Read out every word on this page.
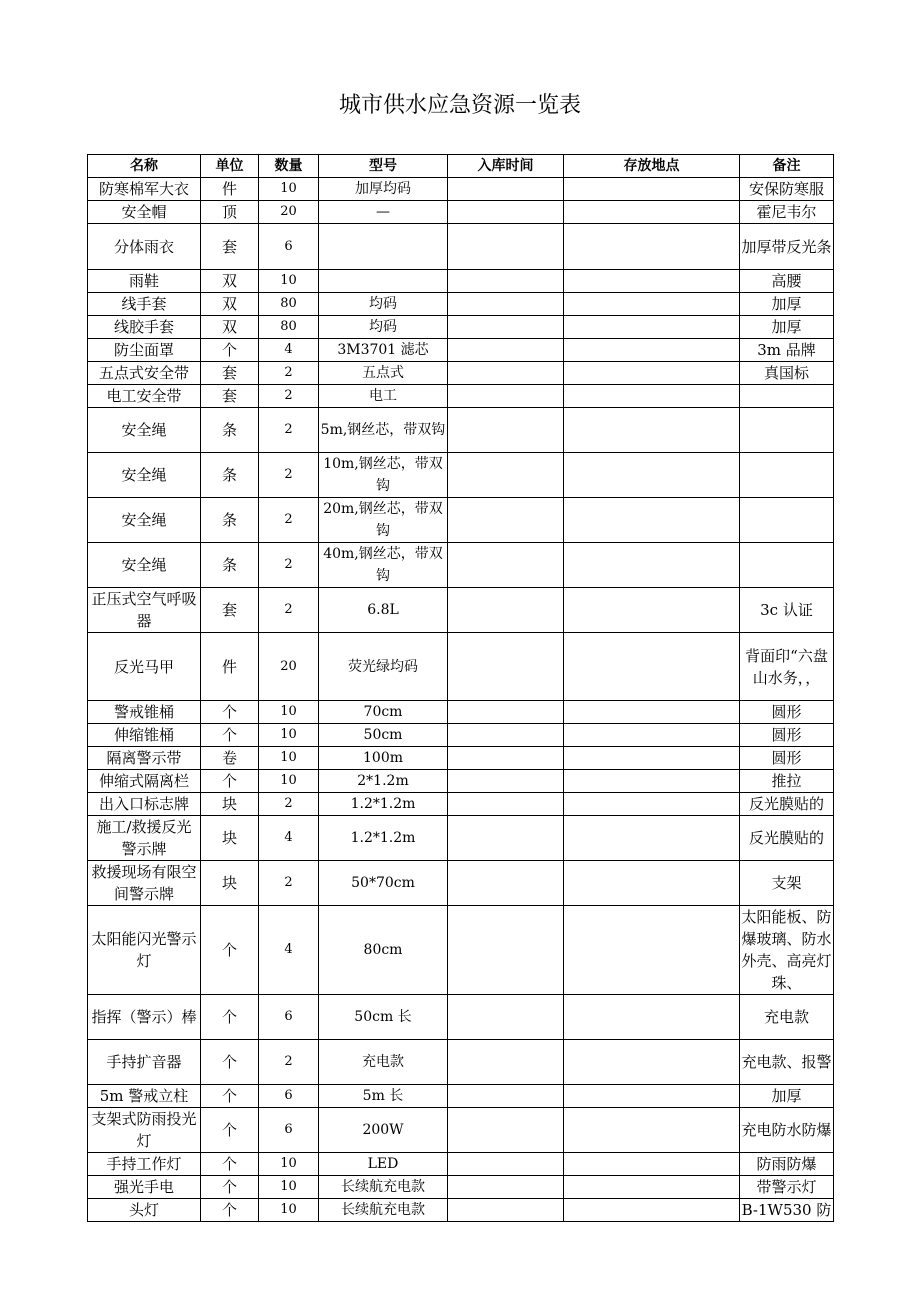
城市供水应急资源一览表
名称	单位	数量	型号	入库时间	存放地点	备注
防寒棉军大衣	件	10	加厚均码			安保防寒服
安全帽	顶	20	—			霍尼韦尔
分体雨衣	套	6				加厚带反光条
雨鞋	双	10				高腰
线手套	双	80	均码			加厚
线胶手套	双	80	均码			加厚
防尘面罩	个	4	3M3701 滤芯			3m 品牌
五点式安全带	套	2	五点式			真国标
电工安全带	套	2	电工			
安全绳	条	2	5m,钢丝芯，带双钩			
安全绳	条	2	10m,钢丝芯，带双钩			
安全绳	条	2	20m,钢丝芯，带双钩			
安全绳	条	2	40m,钢丝芯，带双钩			
正压式空气呼吸器	套	2	6.8L			3c 认证
反光马甲	件	20	荧光绿均码			背面印“六盘山水务，，
警戒锥桶	个	10	70cm			圆形
伸缩锥桶	个	10	50cm			圆形
隔离警示带	卷	10	100m			圆形
伸缩式隔离栏	个	10	2*1.2m			推拉
出入口标志牌	块	2	1.2*1.2m			反光膜贴的
施工/救援反光警示牌	块	4	1.2*1.2m			反光膜贴的
救援现场有限空间警示牌	块	2	50*70cm			支架
太阳能闪光警示灯	个	4	80cm			太阳能板、防爆玻璃、防水外壳、高亮灯珠、
指挥（警示）棒	个	6	50cm 长			充电款
手持扩音器	个	2	充电款			充电款、报警
5m 警戒立柱	个	6	5m 长			加厚
支架式防雨投光灯	个	6	200W			充电防水防爆
手持工作灯	个	10	LED			防雨防爆
强光手电	个	10	长续航充电款			带警示灯
头灯	个	10	长续航充电款			B-1W530 防
